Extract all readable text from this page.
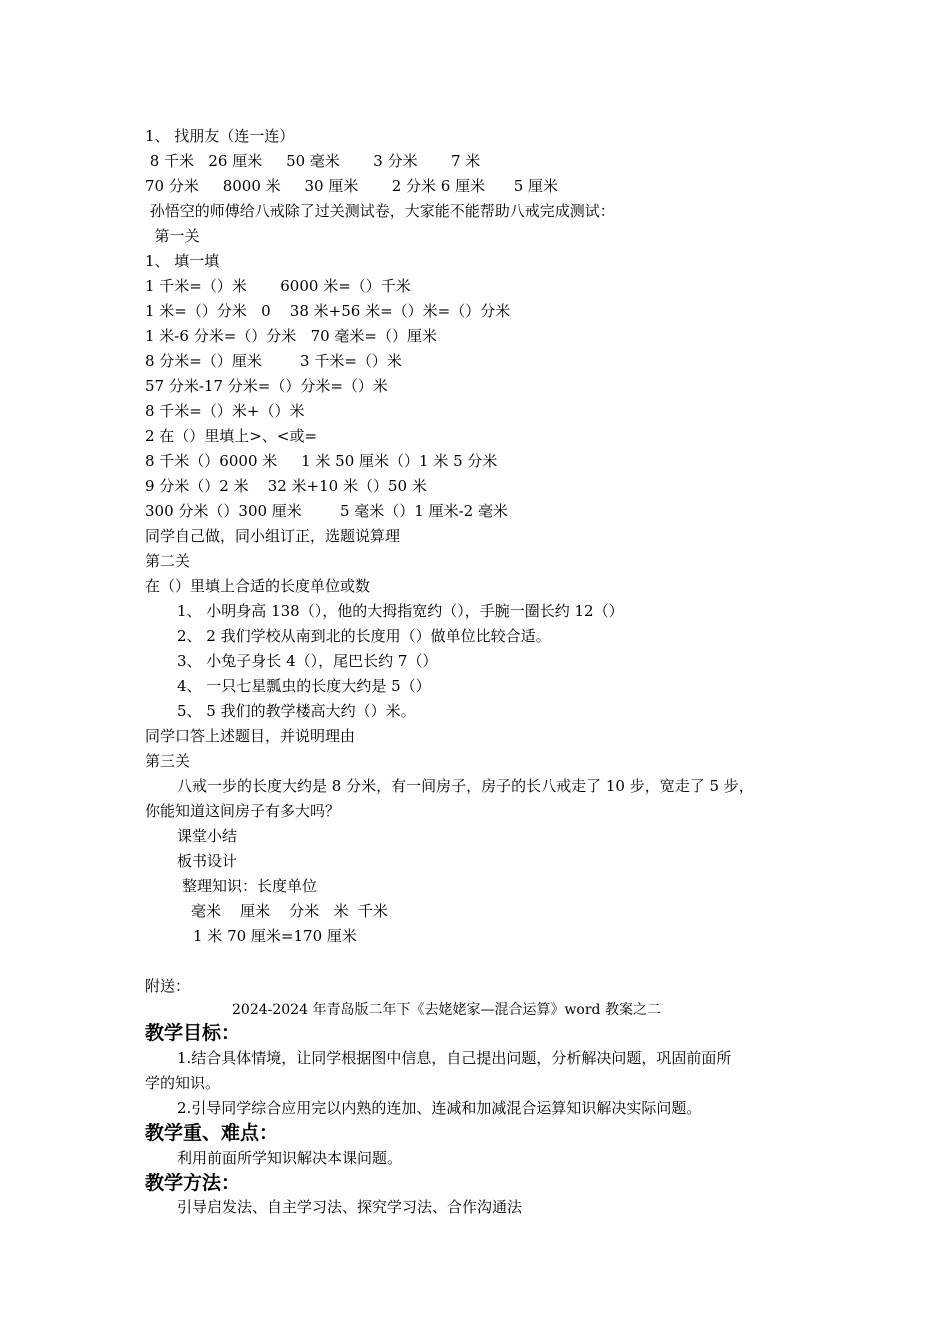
1、 找朋友（连一连）
8 千米   26 厘米     50 毫米       3 分米       7 米
70 分米     8000 米     30 厘米       2 分米 6 厘米      5 厘米
孙悟空的师傅给八戒除了过关测试卷，大家能不能帮助八戒完成测试：
第一关
1、 填一填
1 千米=（）米       6000 米=（）千米
1 米=（）分米   0    38 米+56 米=（）米=（）分米
1 米-6 分米=（）分米   70 毫米=（）厘米
8 分米=（）厘米        3 千米=（）米
57 分米-17 分米=（）分米=（）米
8 千米=（）米+（）米
2 在（）里填上>、<或=
8 千米（）6000 米     1 米 50 厘米（）1 米 5 分米
9 分米（）2 米    32 米+10 米（）50 米
300 分米（）300 厘米        5 毫米（）1 厘米-2 毫米
同学自己做，同小组订正，选题说算理
第二关
在（）里填上合适的长度单位或数
1、 小明身高 138（），他的大拇指宽约（），手腕一圈长约 12（）
2、 2 我们学校从南到北的长度用（）做单位比较合适。
3、 小兔子身长 4（），尾巴长约 7（）
4、 一只七星瓢虫的长度大约是 5（）
5、 5 我们的教学楼高大约（）米。
同学口答上述题目，并说明理由
第三关
八戒一步的长度大约是 8 分米，有一间房子，房子的长八戒走了 10 步，宽走了 5 步，
你能知道这间房子有多大吗？
课堂小结
板书设计
整理知识：长度单位
毫米    厘米    分米   米  千米
1 米 70 厘米=170 厘米
附送：
2024-2024 年青岛版二年下《去姥姥家—混合运算》word 教案之二
教学目标：
1.结合具体情境，让同学根据图中信息，自己提出问题，分析解决问题，巩固前面所
学的知识。
2.引导同学综合应用完以内熟的连加、连减和加减混合运算知识解决实际问题。
教学重、难点：
利用前面所学知识解决本课问题。
教学方法：
引导启发法、自主学习法、探究学习法、合作沟通法
